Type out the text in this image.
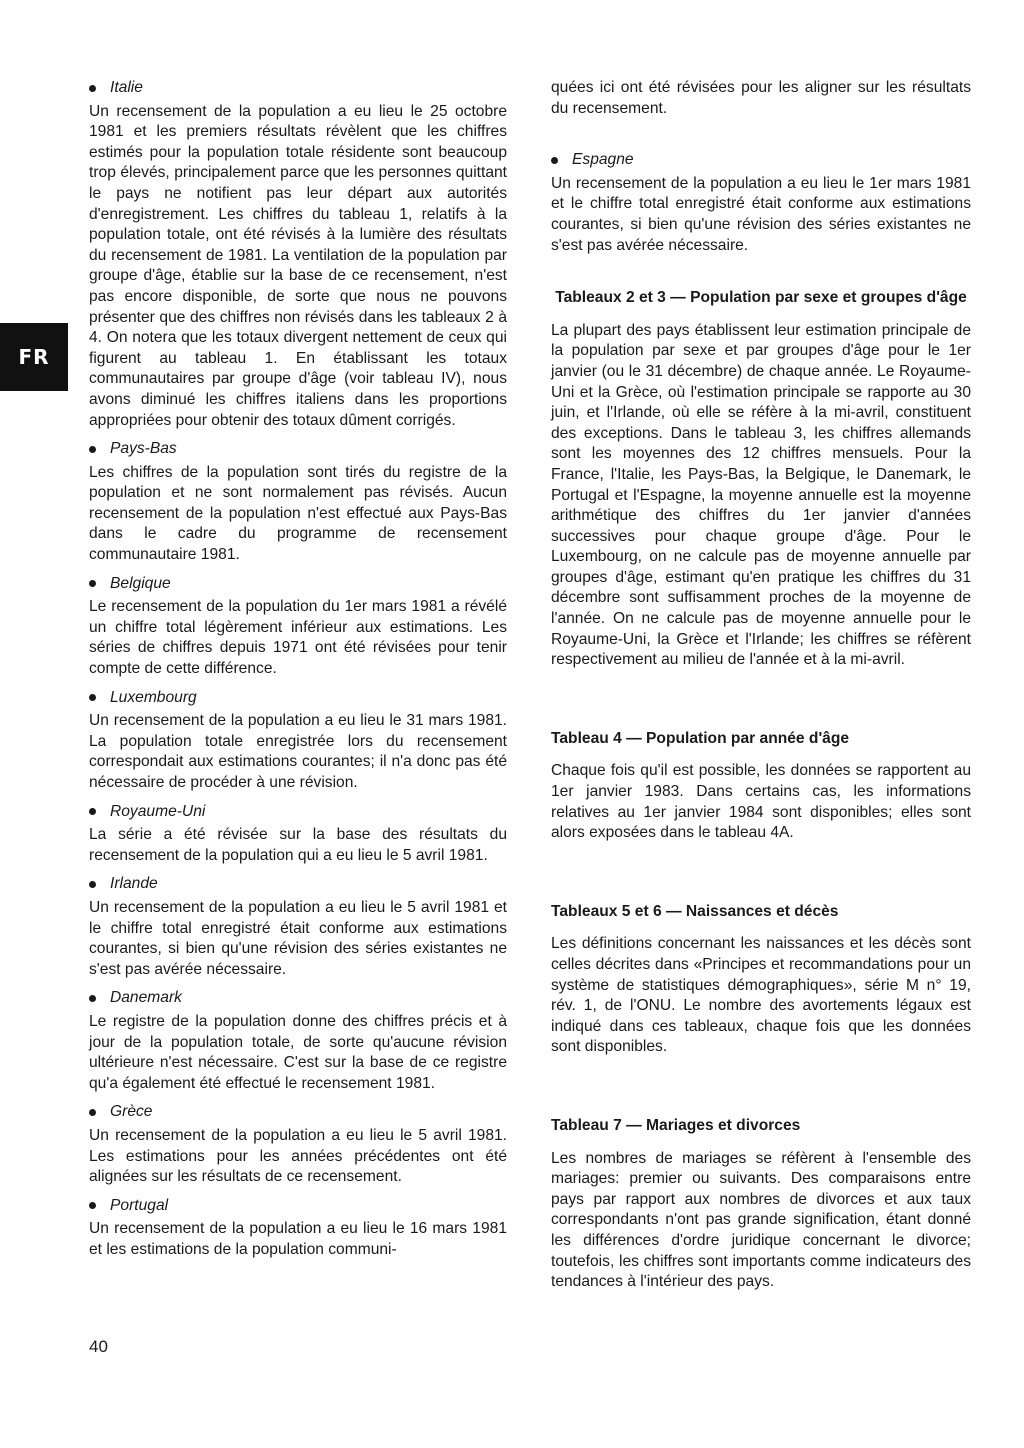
FR
Italie

Un recensement de la population a eu lieu le 25 octobre 1981 et les premiers résultats révèlent que les chiffres estimés pour la population totale résidente sont beaucoup trop élevés, principalement parce que les personnes quittant le pays ne notifient pas leur départ aux autorités d'enregistrement. Les chiffres du tableau 1, relatifs à la population totale, ont été révisés à la lumière des résultats du recensement de 1981. La ventilation de la population par groupe d'âge, établie sur la base de ce recensement, n'est pas encore disponible, de sorte que nous ne pouvons présenter que des chiffres non révisés dans les tableaux 2 à 4. On notera que les totaux divergent nettement de ceux qui figurent au tableau 1. En établissant les totaux communautaires par groupe d'âge (voir tableau IV), nous avons diminué les chiffres italiens dans les proportions appropriées pour obtenir des totaux dûment corrigés.

Pays-Bas

Les chiffres de la population sont tirés du registre de la population et ne sont normalement pas révisés. Aucun recensement de la population n'est effectué aux Pays-Bas dans le cadre du programme de recensement communautaire 1981.

Belgique

Le recensement de la population du 1er mars 1981 a révélé un chiffre total légèrement inférieur aux estimations. Les séries de chiffres depuis 1971 ont été révisées pour tenir compte de cette différence.

Luxembourg

Un recensement de la population a eu lieu le 31 mars 1981. La population totale enregistrée lors du recensement correspondait aux estimations courantes; il n'a donc pas été nécessaire de procéder à une révision.

Royaume-Uni

La série a été révisée sur la base des résultats du recensement de la population qui a eu lieu le 5 avril 1981.

Irlande

Un recensement de la population a eu lieu le 5 avril 1981 et le chiffre total enregistré était conforme aux estimations courantes, si bien qu'une révision des séries existantes ne s'est pas avérée nécessaire.

Danemark

Le registre de la population donne des chiffres précis et à jour de la population totale, de sorte qu'aucune révision ultérieure n'est nécessaire. C'est sur la base de ce registre qu'a également été effectué le recensement 1981.

Grèce

Un recensement de la population a eu lieu le 5 avril 1981. Les estimations pour les années précédentes ont été alignées sur les résultats de ce recensement.

Portugal

Un recensement de la population a eu lieu le 16 mars 1981 et les estimations de la population communi-

quées ici ont été révisées pour les aligner sur les résultats du recensement.

Espagne

Un recensement de la population a eu lieu le 1er mars 1981 et le chiffre total enregistré était conforme aux estimations courantes, si bien qu'une révision des séries existantes ne s'est pas avérée nécessaire.

Tableaux 2 et 3 — Population par sexe et groupes d'âge

La plupart des pays établissent leur estimation principale de la population par sexe et par groupes d'âge pour le 1er janvier (ou le 31 décembre) de chaque année. Le Royaume-Uni et la Grèce, où l'estimation principale se rapporte au 30 juin, et l'Irlande, où elle se réfère à la mi-avril, constituent des exceptions. Dans le tableau 3, les chiffres allemands sont les moyennes des 12 chiffres mensuels. Pour la France, l'Italie, les Pays-Bas, la Belgique, le Danemark, le Portugal et l'Espagne, la moyenne annuelle est la moyenne arithmétique des chiffres du 1er janvier d'années successives pour chaque groupe d'âge. Pour le Luxembourg, on ne calcule pas de moyenne annuelle par groupes d'âge, estimant qu'en pratique les chiffres du 31 décembre sont suffisamment proches de la moyenne de l'année. On ne calcule pas de moyenne annuelle pour le Royaume-Uni, la Grèce et l'Irlande; les chiffres se réfèrent respectivement au milieu de l'année et à la mi-avril.

Tableau 4 — Population par année d'âge

Chaque fois qu'il est possible, les données se rapportent au 1er janvier 1983. Dans certains cas, les informations relatives au 1er janvier 1984 sont disponibles; elles sont alors exposées dans le tableau 4A.

Tableaux 5 et 6 — Naissances et décès

Les définitions concernant les naissances et les décès sont celles décrites dans «Principes et recommandations pour un système de statistiques démographiques», série M n° 19, rév. 1, de l'ONU. Le nombre des avortements légaux est indiqué dans ces tableaux, chaque fois que les données sont disponibles.

Tableau 7 — Mariages et divorces

Les nombres de mariages se réfèrent à l'ensemble des mariages: premier ou suivants. Des comparaisons entre pays par rapport aux nombres de divorces et aux taux correspondants n'ont pas grande signification, étant donné les différences d'ordre juridique concernant le divorce; toutefois, les chiffres sont importants comme indicateurs des tendances à l'intérieur des pays.

40
